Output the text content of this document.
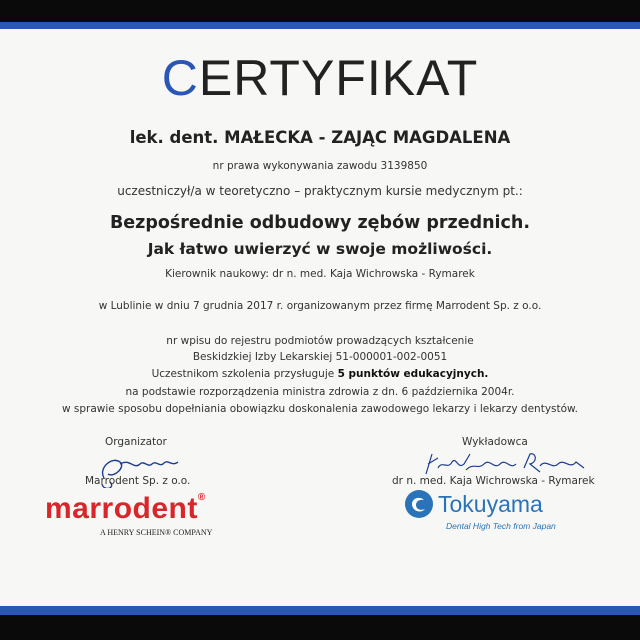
CERTYFIKAT
lek. dent. MAŁECKA - ZAJĄC MAGDALENA
nr prawa wykonywania zawodu 3139850
uczestniczył/a w teoretyczno – praktycznym kursie medycznym pt.:
Bezpośrednie odbudowy zębów przednich.
Jak łatwo uwierzyć w swoje możliwości.
Kierownik naukowy: dr n. med. Kaja Wichrowska - Rymarek
w Lublinie w dniu 7 grudnia 2017 r. organizowanym przez firmę Marrodent Sp. z o.o.
nr wpisu do rejestru podmiotów prowadzących kształcenie
Beskidzkiej Izby Lekarskiej 51-000001-002-0051
Uczestnikom szkolenia przysługuje 5 punktów edukacyjnych.
na podstawie rozporządzenia ministra zdrowia z dn. 6 października 2004r.
w sprawie sposobu dopełniania obowiązku doskonalenia zawodowego lekarzy i lekarzy dentystów.
Organizator
Marrodent Sp. z o.o.
Wykładowca
dr n. med. Kaja Wichrowska - Rymarek
marrodent®
A HENRY SCHEIN® COMPANY
Tokuyama
Dental High Tech from Japan
